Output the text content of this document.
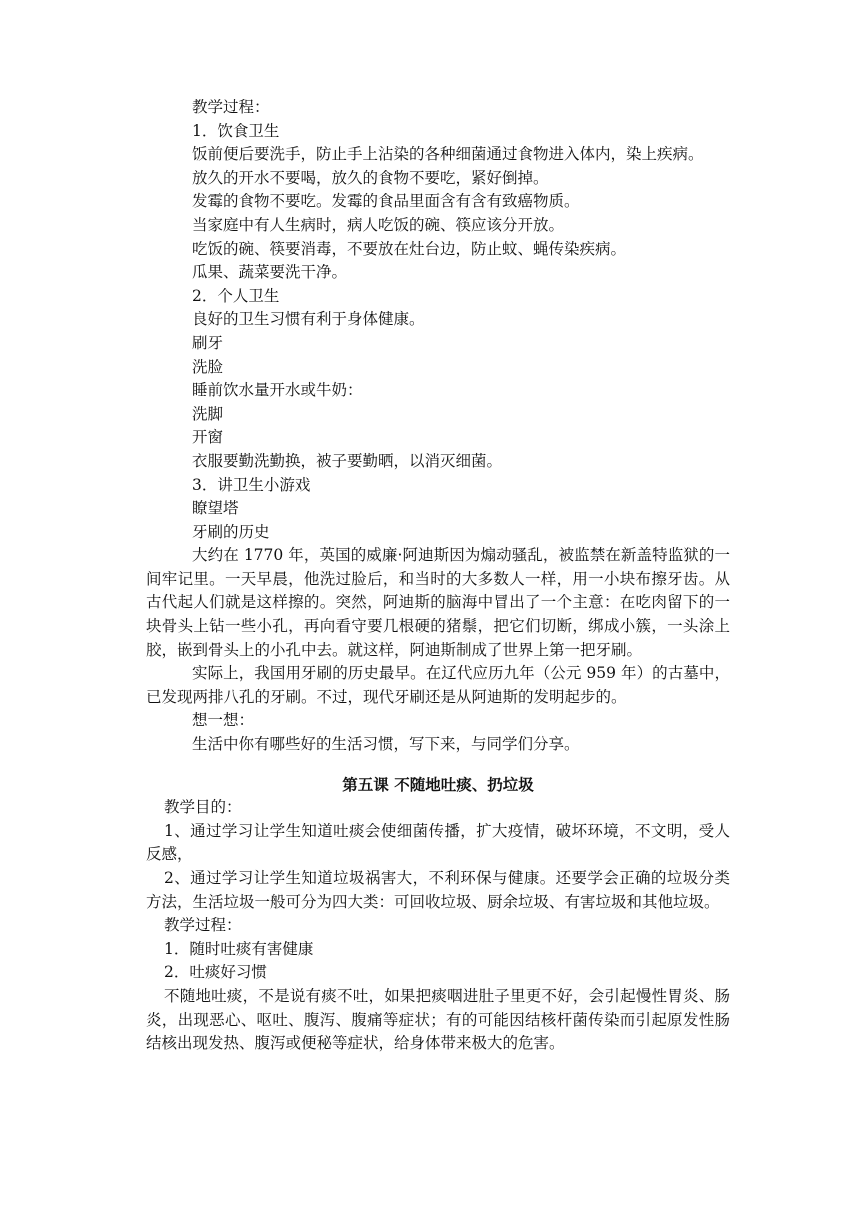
教学过程：

1．饮食卫生

饭前便后要洗手，防止手上沾染的各种细菌通过食物进入体内，染上疾病。

放久的开水不要喝，放久的食物不要吃，紧好倒掉。

发霉的食物不要吃。发霉的食品里面含有含有致癌物质。

当家庭中有人生病时，病人吃饭的碗、筷应该分开放。

吃饭的碗、筷要消毒，不要放在灶台边，防止蚊、蝇传染疾病。

瓜果、蔬菜要洗干净。

2．个人卫生

良好的卫生习惯有利于身体健康。

刷牙

洗脸

睡前饮水量开水或牛奶：

洗脚

开窗

衣服要勤洗勤换，被子要勤晒，以消灭细菌。

3．讲卫生小游戏

瞭望塔

牙刷的历史

大约在 1770 年，英国的威廉·阿迪斯因为煽动骚乱，被监禁在新盖特监狱的一间牢记里。一天早晨，他洗过脸后，和当时的大多数人一样，用一小块布擦牙齿。从古代起人们就是这样擦的。突然，阿迪斯的脑海中冒出了一个主意：在吃肉留下的一块骨头上钻一些小孔，再向看守要几根硬的猪鬃，把它们切断，绑成小簇，一头涂上胶，嵌到骨头上的小孔中去。就这样，阿迪斯制成了世界上第一把牙刷。

实际上，我国用牙刷的历史最早。在辽代应历九年（公元 959 年）的古墓中，已发现两排八孔的牙刷。不过，现代牙刷还是从阿迪斯的发明起步的。

想一想：

生活中你有哪些好的生活习惯，写下来，与同学们分享。

第五课 不随地吐痰、扔垃圾

教学目的：

1、通过学习让学生知道吐痰会使细菌传播，扩大疫情，破坏环境，不文明，受人反感，

2、通过学习让学生知道垃圾祸害大，不利环保与健康。还要学会正确的垃圾分类方法，生活垃圾一般可分为四大类：可回收垃圾、厨余垃圾、有害垃圾和其他垃圾。

教学过程：

1．随时吐痰有害健康

2．吐痰好习惯

不随地吐痰，不是说有痰不吐，如果把痰咽进肚子里更不好，会引起慢性胃炎、肠炎，出现恶心、呕吐、腹泻、腹痛等症状；有的可能因结核杆菌传染而引起原发性肠结核出现发热、腹泻或便秘等症状，给身体带来极大的危害。
